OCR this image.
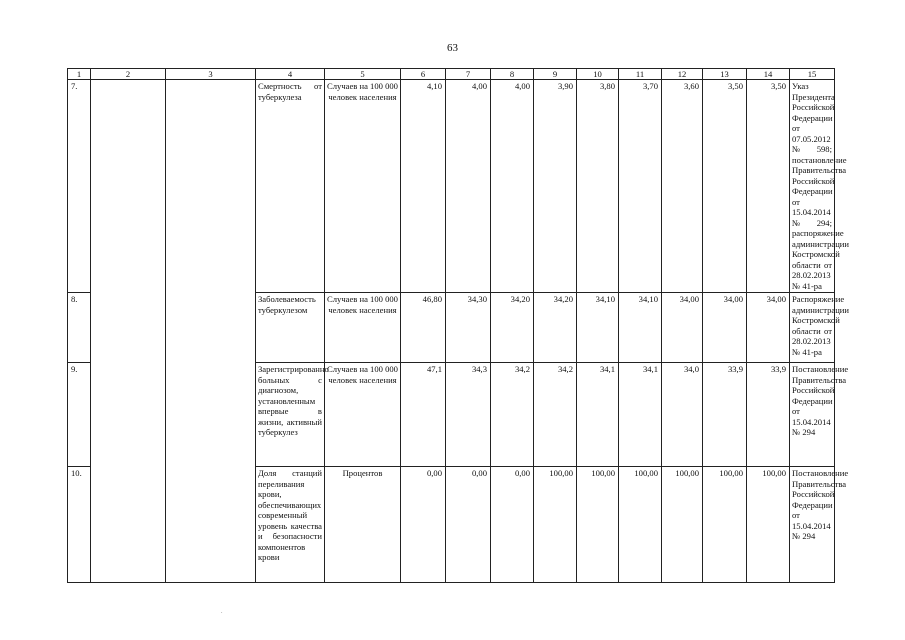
63
1	2	3	4	5	6	7	8	9	10	11	12	13	14	15
7.			Смертность от туберкулеза	Случаев на 100 000 человек населения	4,10	4,00	4,00	3,90	3,80	3,70	3,60	3,50	3,50	Указ Президента Российской Федерации от 07.05.2012 № 598; постановление Правительства Российской Федерации от 15.04.2014 № 294; распоряжение администрации Костромской области от 28.02.2013 № 41-ра
8.			Заболеваемость туберкулезом	Случаев на 100 000 человек населения	46,80	34,30	34,20	34,20	34,10	34,10	34,00	34,00	34,00	Распоряжение администрации Костромской области от 28.02.2013 № 41-ра
9.			Зарегистрированно больных с диагнозом, установленным впервые в жизни, активный туберкулез	Случаев на 100 000 человек населения	47,1	34,3	34,2	34,2	34,1	34,1	34,0	33,9	33,9	Постановление Правительства Российской Федерации от 15.04.2014 № 294
10.			Доля станций переливания крови, обеспечивающих современный уровень качества и безопасности компонентов крови	Процентов	0,00	0,00	0,00	100,00	100,00	100,00	100,00	100,00	100,00	Постановление Правительства Российской Федерации от 15.04.2014 № 294
.
